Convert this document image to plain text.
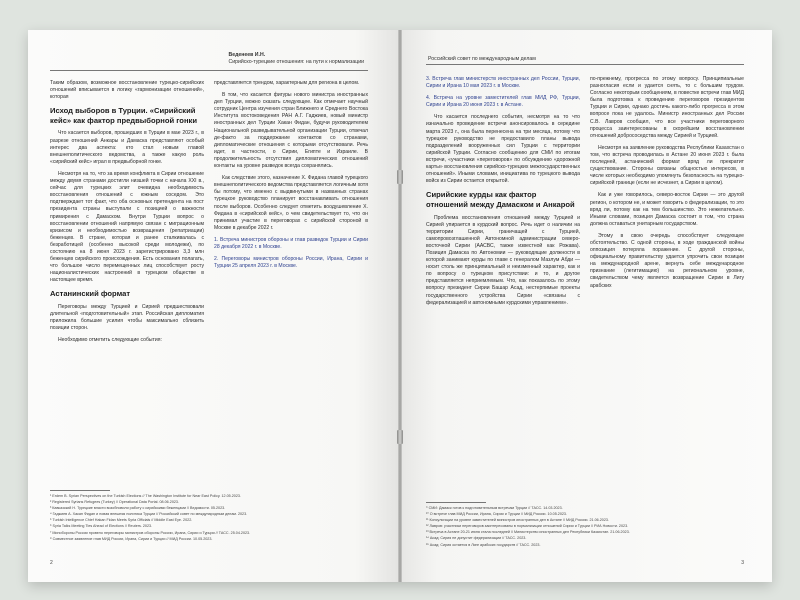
Веденеев И.Н.
Сирийско-турецкие отношения: на пути к нормализации

Таким образом, возможное восстановление турецко-сирийских отношений вписывается в логику «гармонизации отношений», которая

Исход выборов в Турции. «Сирийский кейс» как фактор предвыборной гонки

Что касается выборов, прошедших в Турции в мае 2023 г., в разрезе отношений Анкары и Дамаска представляют особый интерес два аспекта: кто стал новым главой внешнеполитического ведомства, а также какую роль «сирийский кейс» играл в предвыборной гонке.

Несмотря на то, что за время конфликта в Сирии отношение между двумя странами достигли низшей точки с начала XXI в., сейчас для турецких элит очевидна необходимость восстановления отношений с южным соседом. Это подтверждает тот факт, что оба основных претендента на пост президента страны выступали с позицией о важности примирения с Дамаском. Внутри Турции вопрос о восстановлении отношений напрямую связан с миграционным кризисом и необходимостью возвращения (репатриации) беженцев. В стране, которая и ранее сталкивалась с безработицей (особенно высокой среди молодежи), по состоянию на 8 июня 2023 г. зарегистрировано 3,3 млн беженцев сирийского происхождения. Есть основания полагать, что большое число перемещенных лиц способствует росту националистических настроений в турецком обществе в настоящее время.

Астанинский формат

Переговоры между Турцией и Сирией предшествовали длительной «подготовительный» этап. Российская дипломатия приложила большие усилия чтобы максимально сблизить позиции сторон.

Необходимо отметить следующие события:

представляется трендом, характерным для региона в целом.

В том, что касается фигуры нового министра иностранных дел Турции, можно сказать следующее. Как отмечает научный сотрудник Центра изучения стран Ближнего и Среднего Востока Института востоковедения РАН А.Г. Гаджиев, новый министр иностранных дел Турции Хакан Фидан, будучи руководителем Национальной разведывательной организации Турции, отвечал де-факто за поддержание контактов со странами, дипломатические отношения с которыми отсутствовали. Речь идет, в частности, о Сирии, Египте и Израиле. В продолжительность отсутствия дипломатических отношений контакты на уровне разведок всегда сохранялись.

Как следствие этого, назначение Х. Фидана главой турецкого внешнеполитического ведомства представляется логичным хотя бы потому, что именно с выдвинутыми в названных странах турецкое руководство планирует восстанавливать отношения после выборов. Особенно следует отметить воодушевление Х. Фидана в «сирийской кейс», о чем свидетельствует то, что он принимал участие в переговорах с сирийской стороной в Москве в декабре 2022 г.

1. Встреча министров обороны и глав разведок Турции и Сирии 28 декабря 2022 г. в Москве.
2. Переговоры министров обороны России, Ирана, Сирии и Турции 25 апреля 2023 г. в Москве.
¹ Erdem B. Syrian Perspectives on the Turkish Elections // The Washington Institute for Near East Policy. 12.05.2023.
² Registered Syrians Refugees (Turkey) // Operational Data Portal. 08.06.2023.
³ Кавказский Н. Турецкие власти возобновили работу с сирийскими беженцами // Ведомости. 05.2023.
⁴ Гаджиев А. Хакан Фидан и новая внешняя политика Турции // Российский совет по международным делам. 2023.
⁵ Turkish Intelligence Chief Hakan Fidan Meets Syria Officials // Middle East Eye. 2022.
⁶ Syria Talks Meeting Ties Ahead of Elections // Reuters. 2023.
⁷ Минобороны России провело переговоры министров обороны России, Ирана, Сирии и Турции // ТАСС. 25.04.2023.
⁸ Совместное заявление глав МИД России, Ирана, Сирии и Турции // МИД России. 10.05.2023.
2
Российский совет по международным делам
3. Встреча глав министерств иностранных дел России, Турции, Сирии и Ирана 10 мая 2023 г. в Москве.
4. Встреча на уровне заместителей глав МИД РФ, Турции, Сирии и Ирана 20 июня 2023 г. в Астане.

Что касается последнего события, несмотря на то что изначально проведение встречи анонсировалось в середине марта 2023 г., она была перенесена на три месяца, потому что турецкое руководство не предоставило планы вывода подразделений вооруженных сил Турции с территории сирийской Турции. Согласно сообщению для СМИ по итогам встречи, «участники «переговоров» по обсуждению «дорожной карты» восстановления сирийско-турецких межгосударственных отношений». Иными словами, инициатива по турецкого вывода войск из Сирии остается открытой.

Сирийские курды как фактор отношений между Дамаском и Анкарой

Проблема восстановления отношений между Турцией и Сирией упирается в курдский вопрос. Речь идет о наличии на территории Сирии, граничащей с Турцией, самопровозглашенной Автономной администрации северо-восточной Сирии (ААСВС, также известной как Рожава). Позиция Дамаска по Автономии — руководящие должности в которой занимают курды по главе с генералом Мазлум Абди — носит столь же принципиальный и неизменный характер, как и по вопросу о турецком присутствии: и то, и другое представляется неприемлемым. Что, как показалось по этому вопросу президент Сирии Башар Асад, нестерпимые проекты государственного устройства Сирии «связаны с федерализацией и автономными курдскими управлением».

по-прежнему, прогресса по этому вопросу. Принципиальные разногласия если и удается снять, то с большим трудом. Согласно некоторым сообщениям, в повестке встречи глав МИД была подготовка к проведению переговоров президентов Турции и Сирии, однако достичь какого-либо прогресса в этом вопросе пока не удалось. Министр иностранных дел России С.В. Лавров сообщил, что все участники переговорного процесса заинтересованы в скорейшем восстановлении отношений добрососедства между Сирией и Турцией.

Несмотря на заявление руководства Республики Казахстан о том, что встреча проводилась в Астане 20 июня 2023 г. была последней, астанинский формат вряд ли прекратит существование. Стороны связаны общностью интересов, в числе которых необходимо упомянуть безопасность на турецко-сирийской границе (если не исчезнет, а Сирии в целом).

Как и уже говорилось, северо-восток Сирии — это другой регион, о котором не, и может говорить о федерализации, то это вряд ли, потому как на тем большинство. Это нежелательно. Иными словами, позиция Дамаска состоит в том, что страна должна оставаться унитарным государством.

Этому в свою очередь способствует следующее обстоятельство. С одной стороны, в ходе гражданской войны оппозиция потеряла поражение. С другой стороны, официальному правительству удается упрочить свои позиции на международной арене, вернуть себе международное признание (легитимацию) на региональном уровне, свидетельством чему является возвращение Сирии в Лигу арабских

⁹ СМИ: Дамаск готов к подготовительным встречам Турции // ТАСС. 14.03.2023.
¹⁰ О встрече глав МИД России, Ирана, Сирии и Турции // МИД России. 10.05.2023.
¹¹ Консультации на уровне заместителей министров иностранных дел в Астане // МИД России. 21.06.2023.
¹² Лавров: участники переговоров заинтересованы в нормализации отношений Сирии и Турции // РИА Новости. 2023.
¹³ Встреча в Астане 20-21 июня стала последней // Министерство иностранных дел Республики Казахстан. 21.06.2023.
¹⁴ Асад: Сирия не допустит федерализации // ТАСС. 2023.
¹⁵ Асад: Сирия остается в Лиге арабских государств // ТАСС. 2023.
3
